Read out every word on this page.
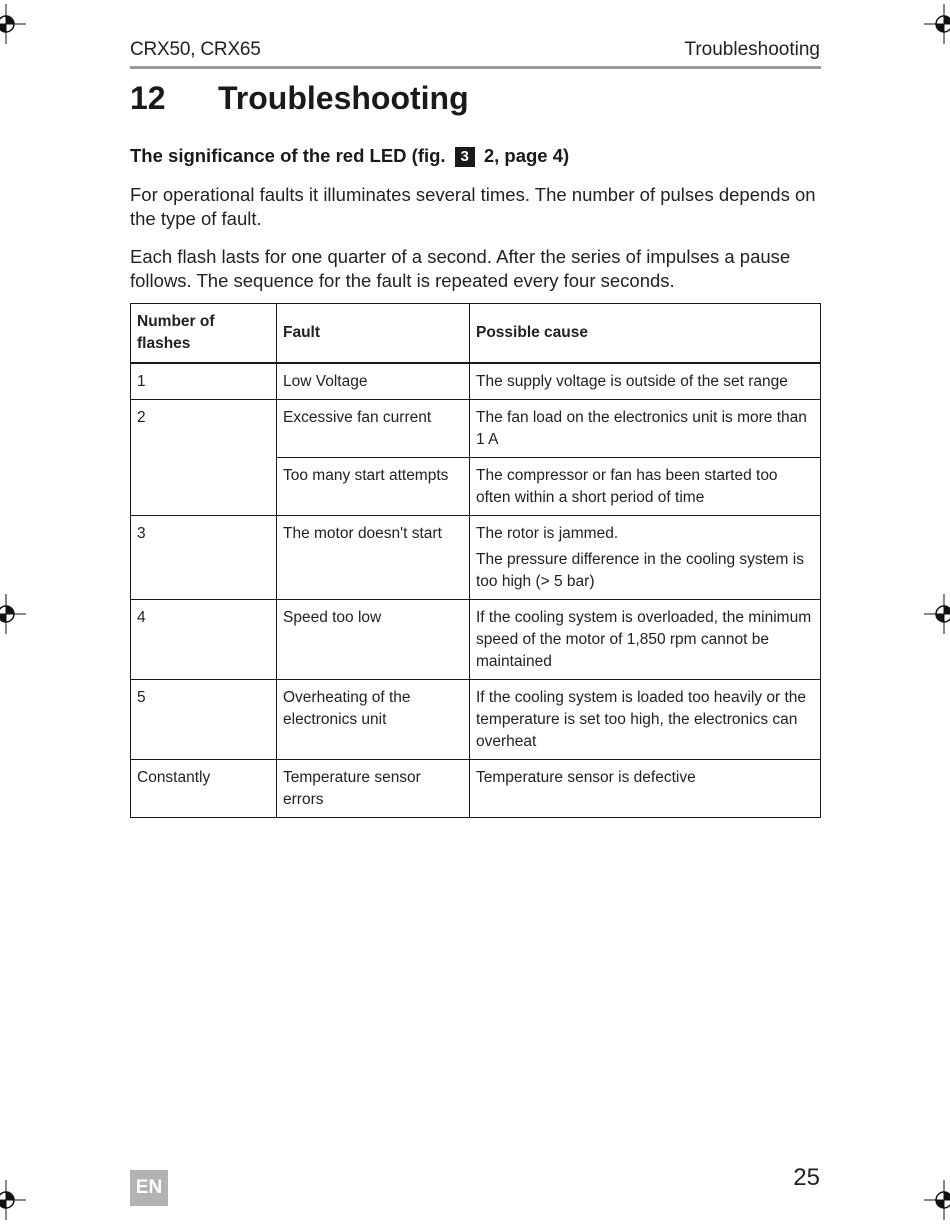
CRX50, CRX65	Troubleshooting
12 Troubleshooting
The significance of the red LED (fig. 3 2, page 4)
For operational faults it illuminates several times. The number of pulses depends on the type of fault.
Each flash lasts for one quarter of a second. After the series of impulses a pause follows. The sequence for the fault is repeated every four seconds.
Number of flashes	Fault	Possible cause
1	Low Voltage	The supply voltage is outside of the set range
2	Excessive fan current	The fan load on the electronics unit is more than 1 A
	Too many start attempts	The compressor or fan has been started too often within a short period of time
3	The motor doesn't start	The rotor is jammed.
The pressure difference in the cooling system is too high (> 5 bar)

4	Speed too low	If the cooling system is overloaded, the minimum speed of the motor of 1,850 rpm cannot be maintained
5	Overheating of the electronics unit	If the cooling system is loaded too heavily or the temperature is set too high, the electronics can overheat
Constantly	Temperature sensor errors	Temperature sensor is defective
EN	25
